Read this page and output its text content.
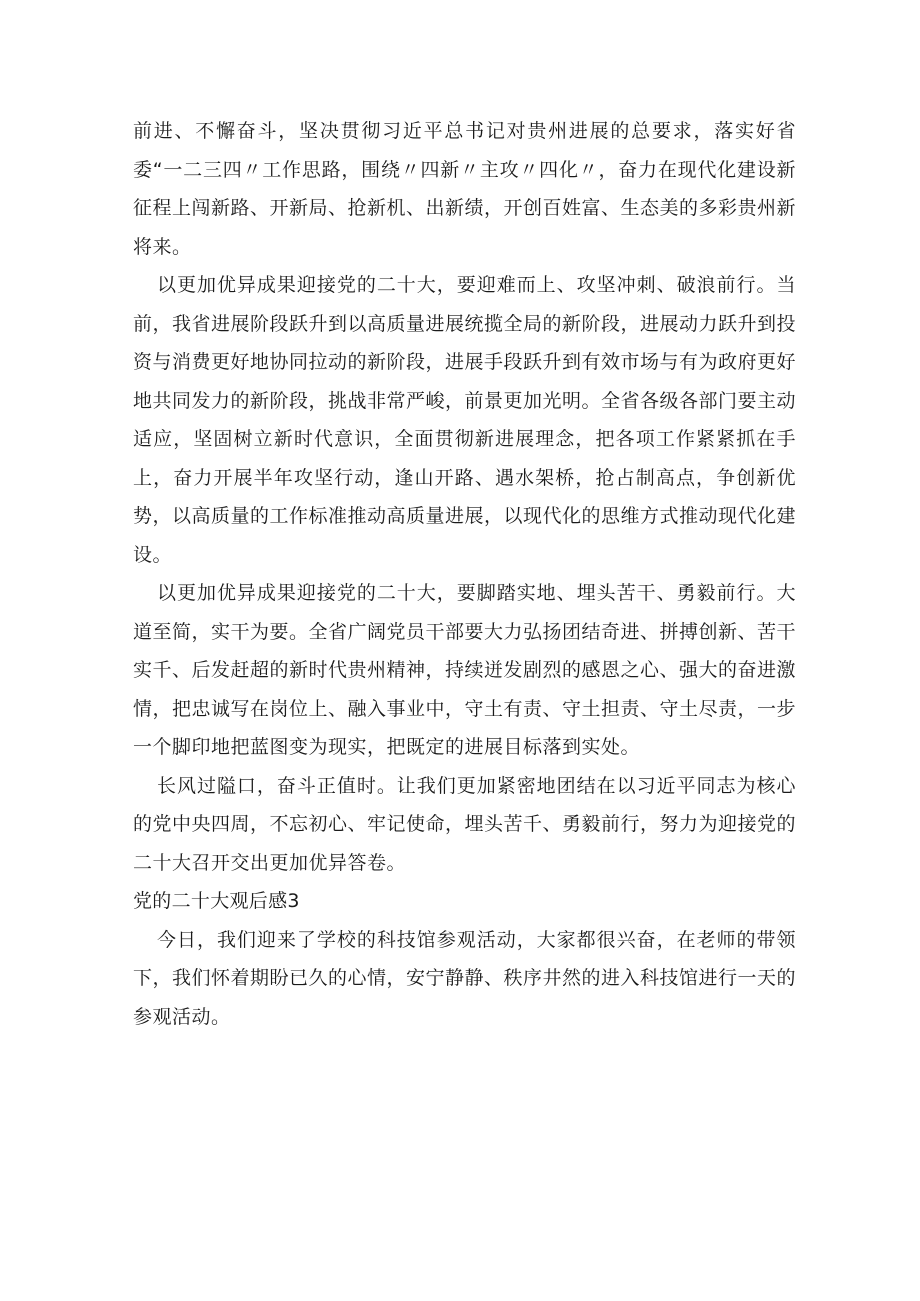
前进、不懈奋斗，坚决贯彻习近平总书记对贵州进展的总要求，落实好省委“一二三四〃工作思路，围绕〃四新〃主攻〃四化〃，奋力在现代化建设新征程上闯新路、开新局、抢新机、出新绩，开创百姓富、生态美的多彩贵州新将来。

以更加优异成果迎接党的二十大，要迎难而上、攻坚冲刺、破浪前行。当前，我省进展阶段跃升到以高质量进展统揽全局的新阶段，进展动力跃升到投资与消费更好地协同拉动的新阶段，进展手段跃升到有效市场与有为政府更好地共同发力的新阶段，挑战非常严峻，前景更加光明。全省各级各部门要主动适应，坚固树立新时代意识，全面贯彻新进展理念，把各项工作紧紧抓在手上，奋力开展半年攻坚行动，逢山开路、遇水架桥，抢占制高点，争创新优势，以高质量的工作标准推动高质量进展，以现代化的思维方式推动现代化建设。

以更加优异成果迎接党的二十大，要脚踏实地、埋头苦干、勇毅前行。大道至简，实干为要。全省广阔党员干部要大力弘扬团结奇进、拼搏创新、苦干实千、后发赶超的新时代贵州精神，持续迸发剧烈的感恩之心、强大的奋进激情，把忠诚写在岗位上、融入事业中，守土有责、守土担责、守土尽责，一步一个脚印地把蓝图变为现实，把既定的进展目标落到实处。

长风过隘口，奋斗正值时。让我们更加紧密地团结在以习近平同志为核心的党中央四周，不忘初心、牢记使命，埋头苦千、勇毅前行，努力为迎接党的二十大召开交出更加优异答卷。

党的二十大观后感3

今日，我们迎来了学校的科技馆参观活动，大家都很兴奋，在老师的带领下，我们怀着期盼已久的心情，安宁静静、秩序井然的进入科技馆进行一天的参观活动。
